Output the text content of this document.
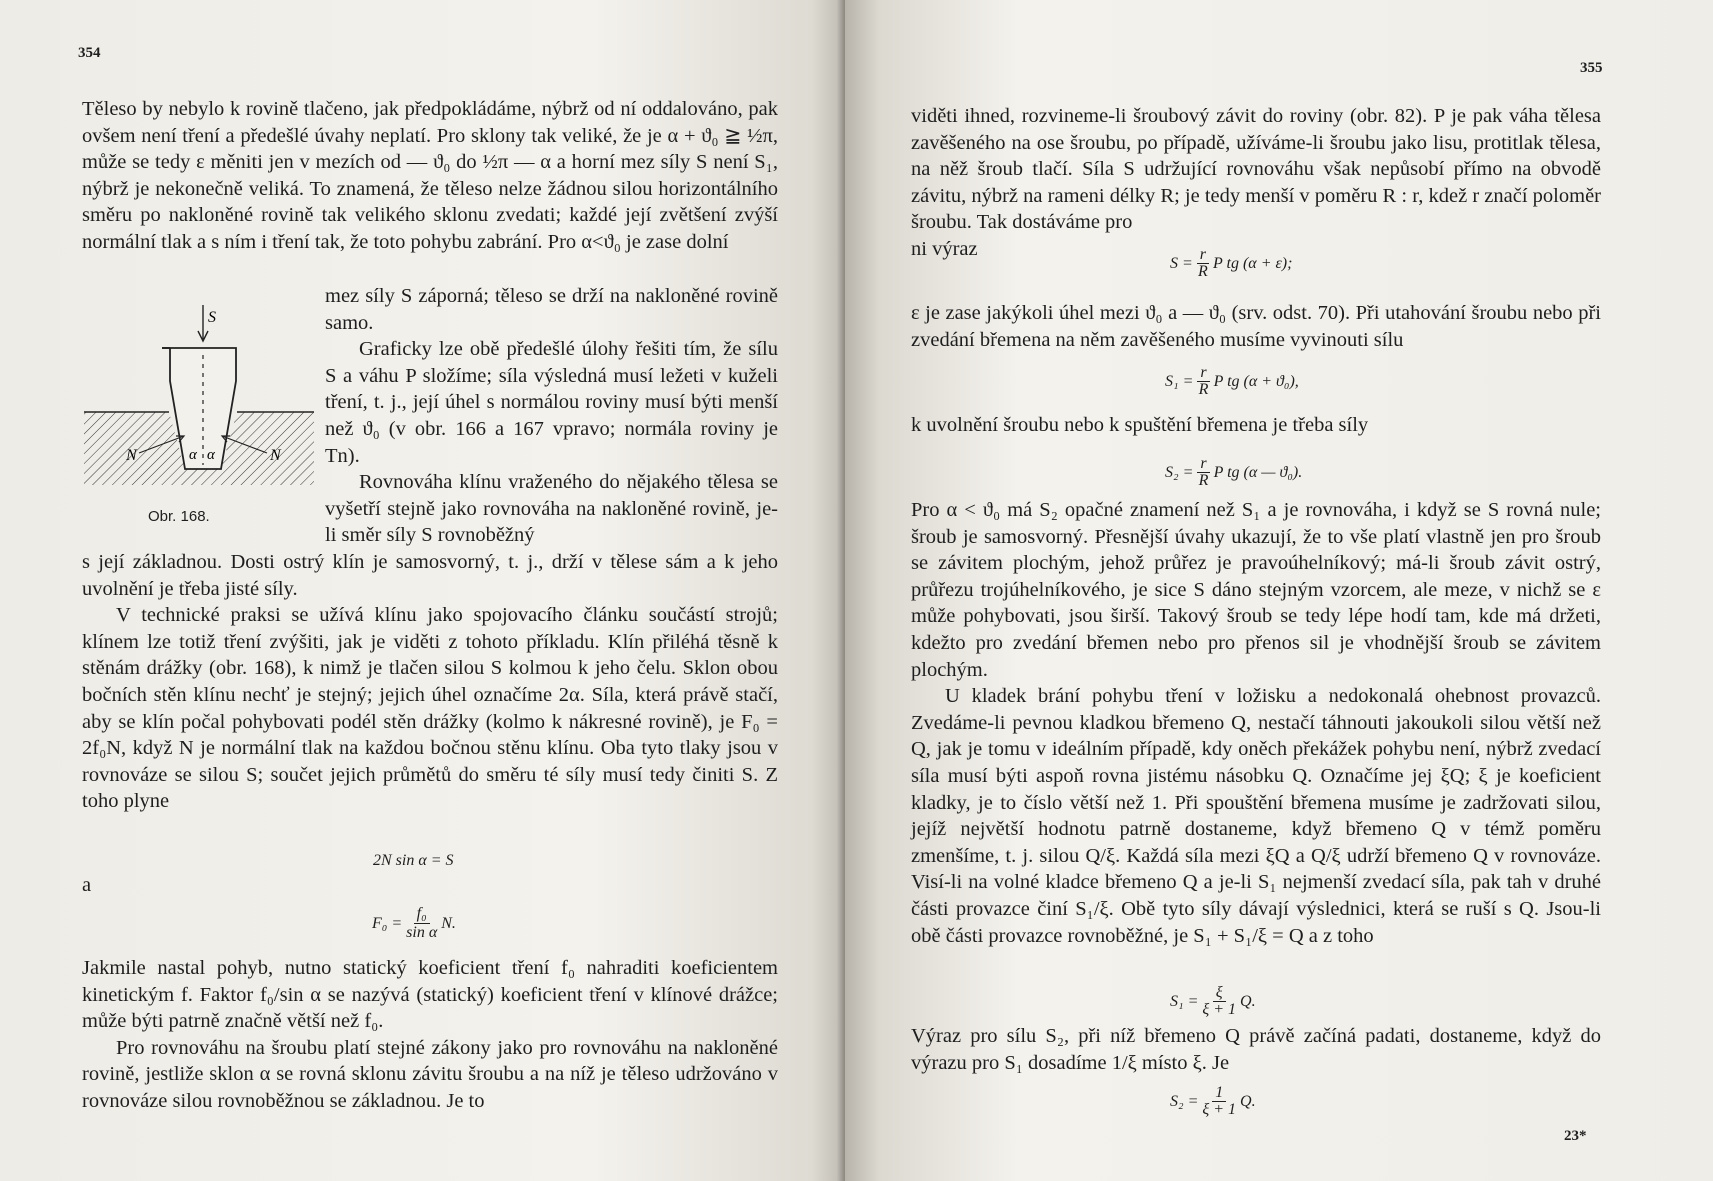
354

Těleso by nebylo k rovině tlačeno, jak předpokládáme, nýbrž od ní oddalováno, pak ovšem není tření a předešlé úvahy neplatí. Pro sklony tak veliké, že je α + ϑ₀ ≧ ½π, může se tedy ε měniti jen v mezích od — ϑ₀ do ½π — α a horní mez síly S není S₁, nýbrž je nekonečně veliká. To znamená, že těleso nelze žádnou silou horizontálního směru po nakloněné rovině tak velikého sklonu zvedati; každé její zvětšení zvýší normální tlak a s ním i tření tak, že toto pohybu zabrání. Pro α<ϑ₀ je zase dolní

mez síly S záporná; těleso se drží na nakloněné rovině samo.

Graficky lze obě předešlé úlohy řešiti tím, že sílu S a váhu P složíme; síla výsledná musí ležeti v kuželi tření, t. j., její úhel s normálou roviny musí býti menší než ϑ₀ (v obr. 166 a 167 vpravo; normála roviny je Tn).

Rovnováha klínu vraženého do nějakého tělesa se vyšetří stejně jako rovnováha na nakloněné rovině, je-li směr síly S rovnoběžný

S
N	N
α α
Obr. 168.

s její základnou. Dosti ostrý klín je samosvorný, t. j., drží v tělese sám a k jeho uvolnění je třeba jisté síly.

V technické praksi se užívá klínu jako spojovacího článku součástí strojů; klínem lze totiž tření zvýšiti, jak je viděti z tohoto příkladu. Klín přiléhá těsně k stěnám drážky (obr. 168), k nimž je tlačen silou S kolmou k jeho čelu. Sklon obou bočních stěn klínu nechť je stejný; jejich úhel označíme 2α. Síla, která právě stačí, aby se klín počal pohybovati podél stěn drážky (kolmo k nákresné rovině), je F₀ = 2f₀N, když N je normální tlak na každou bočnou stěnu klínu. Oba tyto tlaky jsou v rovnováze se silou S; součet jejich průmětů do směru té síly musí tedy činiti S. Z toho plyne

2N sin α = S
a
$F_0 = \frac{\text{f₀}}{\text{sin α}} N$.

Jakmile nastal pohyb, nutno statický koeficient tření f₀ nahraditi koeficientem kinetickým f. Faktor f₀/sin α se nazývá (statický) koeficient tření v klínové drážce; může býti patrně značně větší než f₀.

Pro rovnováhu na šroubu platí stejné zákony jako pro rovnováhu na nakloněné rovině, jestliže sklon α se rovná sklonu závitu šroubu a na níž je těleso udržováno v rovnováze silou rovnoběžnou se základnou. Je to

355

viděti ihned, rozvineme-li šroubový závit do roviny (obr. 82). P je pak váha tělesa zavěšeného na ose šroubu, po případě, užíváme-li šroubu jako lisu, protitlak tělesa, na něž šroub tlačí. Síla S udržující rovnováhu však nepůsobí přímo na obvodě závitu, nýbrž na rameni délky R; je tedy menší v poměru R : r, kdež r značí poloměr šroubu. Tak dostáváme pro

ni výraz

$S = \frac{r}{R}$ P tg (α + ε);

ε je zase jakýkoli úhel mezi ϑ₀ a — ϑ₀ (srv. odst. 70). Při utahování šroubu nebo při zvedání břemena na něm zavěšeného musíme vyvinouti sílu

$S_1 = \frac{r}{R}$ P tg (α + ϑ₀),
k uvolnění šroubu nebo k spuštění břemena je třeba síly
$S_2 = \frac{r}{R}$ P tg (α — ϑ₀).

Pro α < ϑ₀ má S₂ opačné znamení než S₁ a je rovnováha, i když se S rovná nule; šroub je samosvorný. Přesnější úvahy ukazují, že to vše platí vlastně jen pro šroub se závitem plochým, jehož průřez je pravoúhelníkový; má-li šroub závit ostrý, průřezu trojúhelníkového, je sice S dáno stejným vzorcem, ale meze, v nichž se ε může pohybovati, jsou širší. Takový šroub se tedy lépe hodí tam, kde má držeti, kdežto pro zvedání břemen nebo pro přenos sil je vhodnější šroub se závitem plochým.

U kladek brání pohybu tření v ložisku a nedokonalá ohebnost provazců. Zvedáme-li pevnou kladkou břemeno Q, nestačí táhnouti jakoukoli silou větší než Q, jak je tomu v ideálním případě, kdy oněch překážek pohybu není, nýbrž zvedací síla musí býti aspoň rovna jistému násobku Q. Označíme jej ξQ; ξ je koeficient kladky, je to číslo větší než 1. Při spouštění břemena musíme je zadržovati silou, jejíž největší hodnotu patrně dostaneme, když břemeno Q v témž poměru zmenšíme, t. j. silou Q/ξ. Každá síla mezi ξQ a Q/ξ udrží břemeno Q v rovnováze. Visí-li na volné kladce břemeno Q a je-li S₁ nejmenší zvedací síla, pak tah v druhé části provazce činí S₁/ξ. Obě tyto síly dávají výslednici, která se ruší s Q. Jsou-li obě části provazce rovnoběžné, je S₁ + S₁/ξ = Q a z toho

$S_1 = \frac{\xi}{\xi + 1} Q$.

Výraz pro sílu S₂, při níž břemeno Q právě začíná padati, dostaneme, když do výrazu pro S₁ dosadíme 1/ξ místo ξ. Je

$S_2 = \frac{1}{\xi + 1} Q$.
23*
